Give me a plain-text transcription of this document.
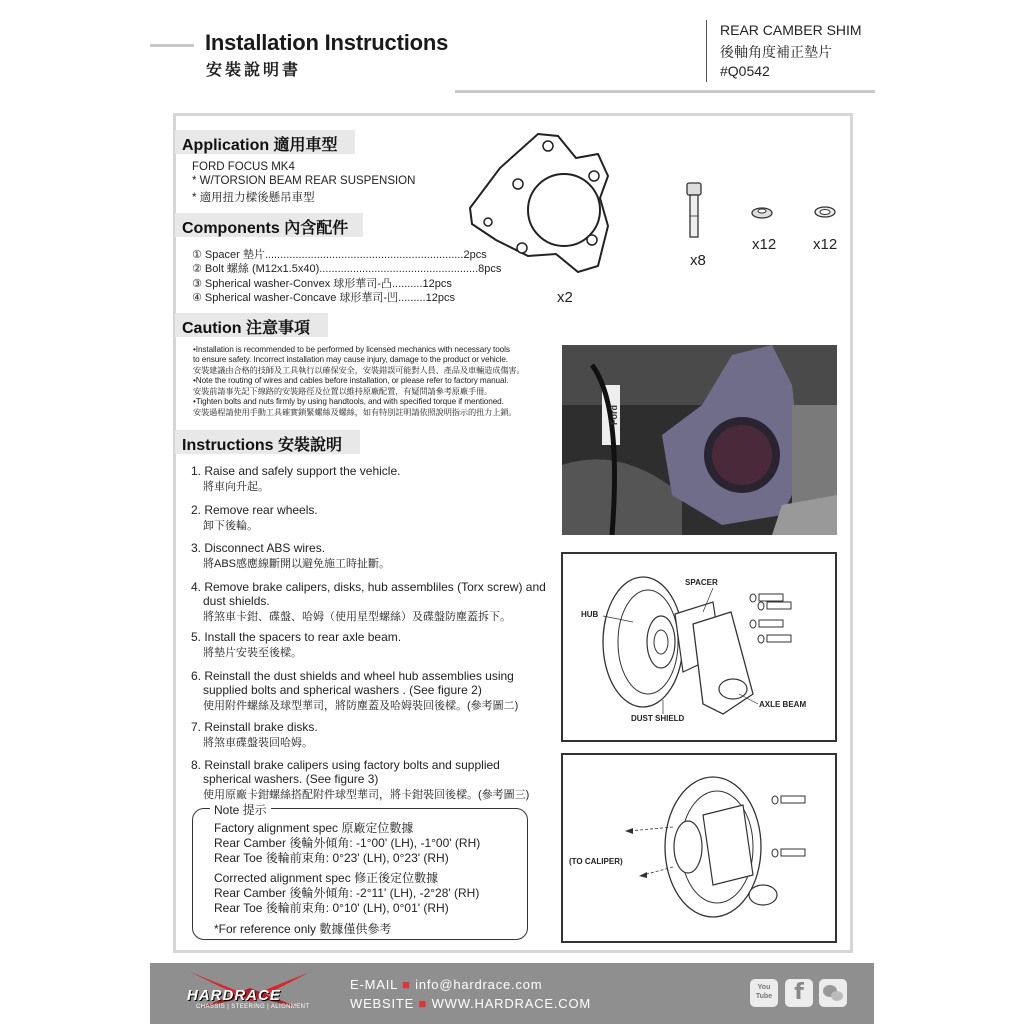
Installation Instructions
安裝說明書
REAR CAMBER SHIM
後軸角度補正墊片
#Q0542
Application 適用車型
FORD FOCUS MK4
* W/TORSION BEAM REAR SUSPENSION
* 適用扭力樑後懸吊車型
Components 內含配件
① Spacer 墊片.................................................................2pcs
② Bolt 螺絲 (M12x1.5x40)....................................................8pcs
③ Spherical washer-Convex 球形華司-凸..........12pcs
④ Spherical washer-Concave 球形華司-凹.........12pcs	x2
x8
x12 x12
Caution 注意事項
•Installation is recommended to be performed by licensed mechanics with necessary tools
to ensure safety. Incorrect installation may cause injury, damage to the product or vehicle.
安裝建議由合格的技師及工具執行以確保安全，安裝錯誤可能對人員、產品及車輛造成傷害。
•Note the routing of wires and cables before installation, or please refer to factory manual.
安裝前請事先記下線路的安裝路徑及位置以維持原廠配置，有疑問請參考原廠手冊。
•Tighten bolts and nuts firmly by using handtools, and with specified torque if mentioned.
安裝過程請使用手動工具確實鎖緊螺絲及螺絲，如有特別註明請依照說明指示的扭力上鎖。	Ford
Instructions 安裝說明
1. Raise and safely support the vehicle.
將車向升起。
2. Remove rear wheels.
卸下後輪。
3. Disconnect ABS wires.
將ABS感應線斷開以避免施工時扯斷。
4. Remove brake calipers, disks, hub assembliles (Torx screw) and
dust shields.
將煞車卡鉗、碟盤、哈姆（使用星型螺絲）及碟盤防塵蓋拆下。
5. Install the spacers to rear axle beam.
將墊片安裝至後樑。
6. Reinstall the dust shields and wheel hub assemblies using
supplied bolts and spherical washers . (See figure 2)
使用附件螺絲及球型華司，將防塵蓋及哈姆裝回後樑。(參考圖二)
7. Reinstall brake disks.
將煞車碟盤裝回哈姆。
8. Reinstall brake calipers using factory bolts and supplied
spherical washers. (See figure 3)
使用原廠卡鉗螺絲搭配附件球型華司，將卡鉗裝回後樑。(參考圖三)
Note 提示
Factory alignment spec 原廠定位數據
Rear Camber 後輪外傾角: -1°00' (LH), -1°00' (RH)
Rear Toe 後輪前束角: 0°23' (LH), 0°23' (RH)
Corrected alignment spec 修正後定位數據
Rear Camber 後輪外傾角: -2°11' (LH), -2°28' (RH)
Rear Toe 後輪前束角: 0°10' (LH), 0°01' (RH)
*For reference only 數據僅供參考
SPACER
HUB
DUST SHIELD
AXLE BEAM
(TO CALIPER)
HARDRACE
CHASSIS | STEERING | ALIGNMENT
E-MAIL ■ info@hardrace.com
WEBSITE ■ WWW.HARDRACE.COM
You Tube	f
